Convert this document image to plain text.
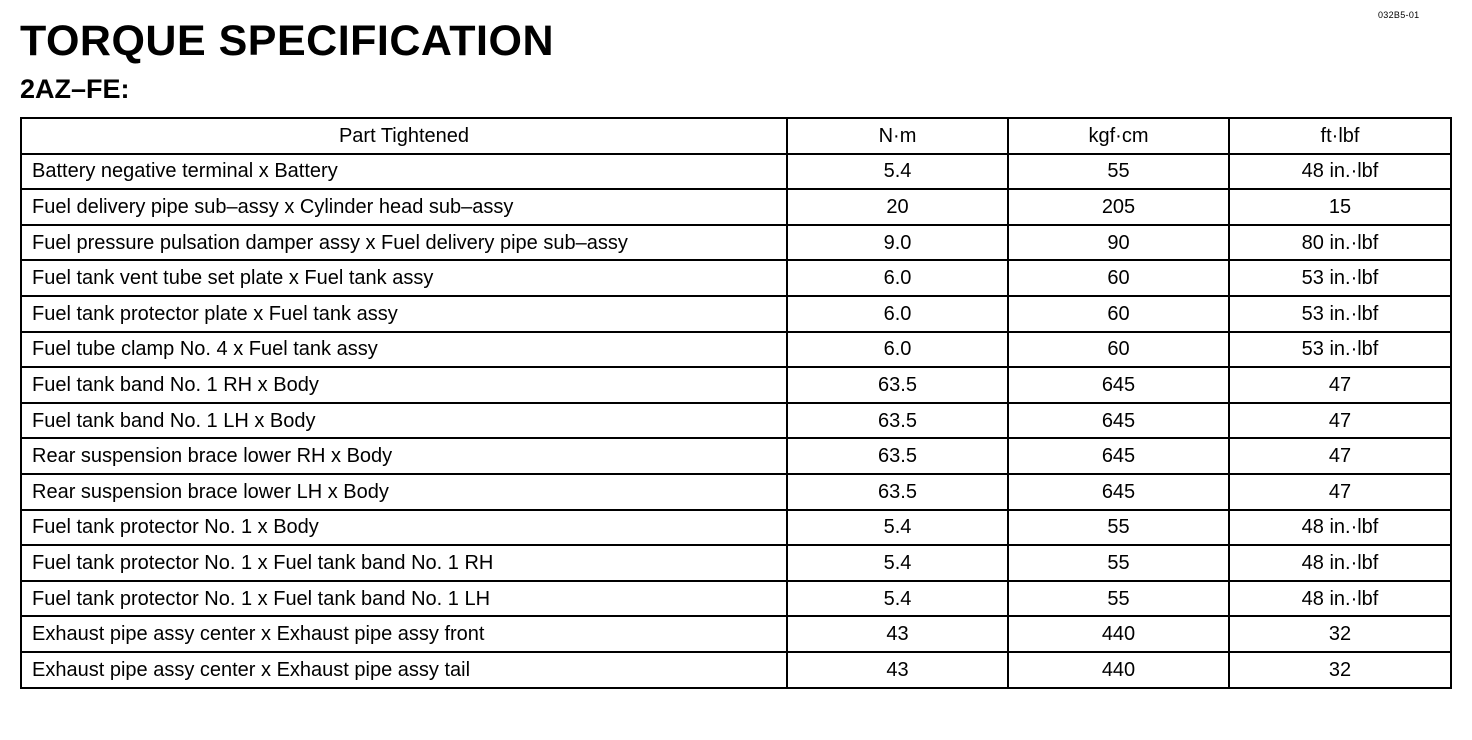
032B5-01
TORQUE SPECIFICATION
2AZ–FE:
Part Tightened	N·m	kgf·cm	ft·lbf
Battery negative terminal x Battery	5.4	55	48 in.·lbf
Fuel delivery pipe sub–assy x Cylinder head sub–assy	20	205	15
Fuel pressure pulsation damper assy x Fuel delivery pipe sub–assy	9.0	90	80 in.·lbf
Fuel tank vent tube set plate x Fuel tank assy	6.0	60	53 in.·lbf
Fuel tank protector plate x Fuel tank assy	6.0	60	53 in.·lbf
Fuel tube clamp No. 4 x Fuel tank assy	6.0	60	53 in.·lbf
Fuel tank band No. 1 RH x Body	63.5	645	47
Fuel tank band No. 1 LH x Body	63.5	645	47
Rear suspension brace lower RH x Body	63.5	645	47
Rear suspension brace lower LH x Body	63.5	645	47
Fuel tank protector No. 1 x Body	5.4	55	48 in.·lbf
Fuel tank protector No. 1 x Fuel tank band No. 1 RH	5.4	55	48 in.·lbf
Fuel tank protector No. 1 x Fuel tank band No. 1 LH	5.4	55	48 in.·lbf
Exhaust pipe assy center x Exhaust pipe assy front	43	440	32
Exhaust pipe assy center x Exhaust pipe assy tail	43	440	32
